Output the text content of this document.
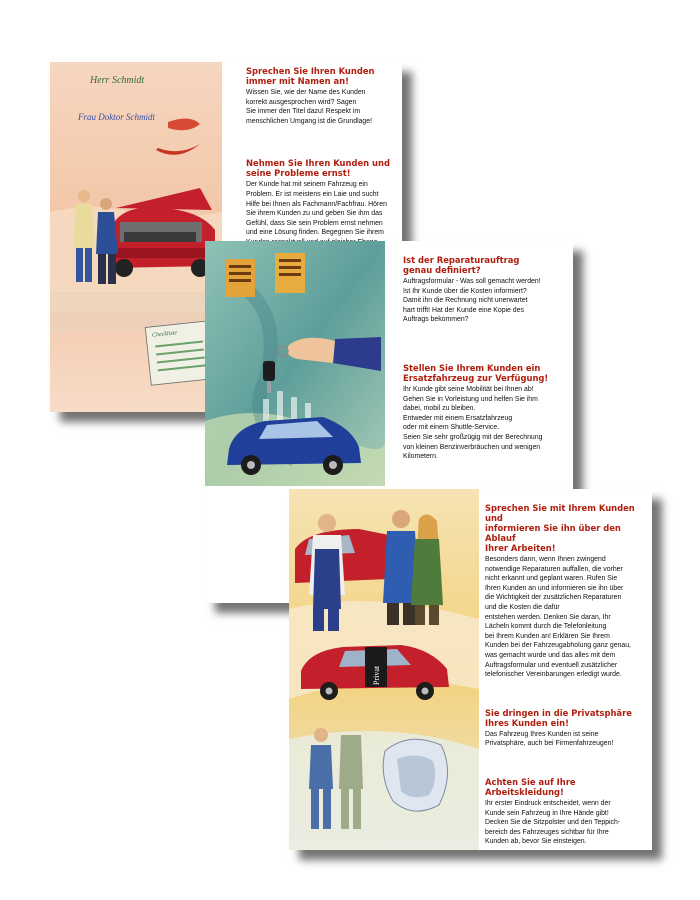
Herr Schmidt
Frau Doktor Schmidt
Checkliste

Sprechen Sie Ihren Kunden
immer mit Namen an!

Wissen Sie, wie der Name des Kunden
korrekt ausgesprochen wird? Sagen
Sie immer den Titel dazu! Respekt im
menschlichen Umgang ist die Grundlage!

Nehmen Sie Ihren Kunden und
seine Probleme ernst!

Der Kunde hat mit seinem Fahrzeug ein
Problem. Er ist meistens ein Laie und sucht
Hilfe bei Ihnen als Fachmann/Fachfrau. Hören
Sie ihrem Kunden zu und geben Sie ihm das
Gefühl, dass Sie sein Problem ernst nehmen
und eine Lösung finden. Begegnen Sie ihrem

Ist der Reparaturauftrag
genau definiert?

Auftragsformular - Was soll gemacht werden!
Ist Ihr Kunde über die Kosten informiert?
Damit ihn die Rechnung nicht unerwartet
hart trifft! Hat der Kunde eine Kopie des
Auftrags bekommen?

Stellen Sie Ihrem Kunden ein
Ersatzfahrzeug zur Verfügung!

Ihr Kunde gibt seine Mobilität bei Ihnen ab!
Gehen Sie in Vorleistung und helfen Sie ihm
dabei, mobil zu bleiben.
Entweder mit einem Ersatzfahrzeug
oder mit einem Shuttle-Service.
Seien Sie sehr großzügig mit der Berechnung
von kleinen Benzinverbräuchen und wenigen
Kilometern.

Privat

Sprechen Sie mit Ihrem Kunden und
informieren Sie ihn über den Ablauf
Ihrer Arbeiten!

Besonders dann, wenn Ihnen zwingend
notwendige Reparaturen auffallen, die vorher
nicht erkannt und geplant waren. Rufen Sie
Ihren Kunden an und informieren sie ihn über
die Wichtigkeit der zusätzlichen Reparaturen
und die Kosten die dafür
entstehen werden. Denken Sie daran, Ihr
Lächeln kommt durch die Telefonleitung
bei Ihrem Kunden an! Erklären Sie Ihrem
Kunden bei der Fahrzeugabholung ganz genau,
was gemacht wurde und das alles mit dem
Auftragsformular und eventuell zusätzlicher
telefonischer Vereinbarungen erledigt wurde.

Sie dringen in die Privatsphäre
Ihres Kunden ein!

Das Fahrzeug Ihres Kunden ist seine
Privatsphäre, auch bei Firmenfahrzeugen!

Achten Sie auf Ihre Arbeitskleidung!

Ihr erster Eindruck entscheidet, wenn der
Kunde sein Fahrzeug in Ihre Hände gibt!
Decken Sie die Sitzpolster und den Teppich-
bereich des Fahrzeuges sichtbar für Ihre
Kunden ab, bevor Sie einsteigen.
